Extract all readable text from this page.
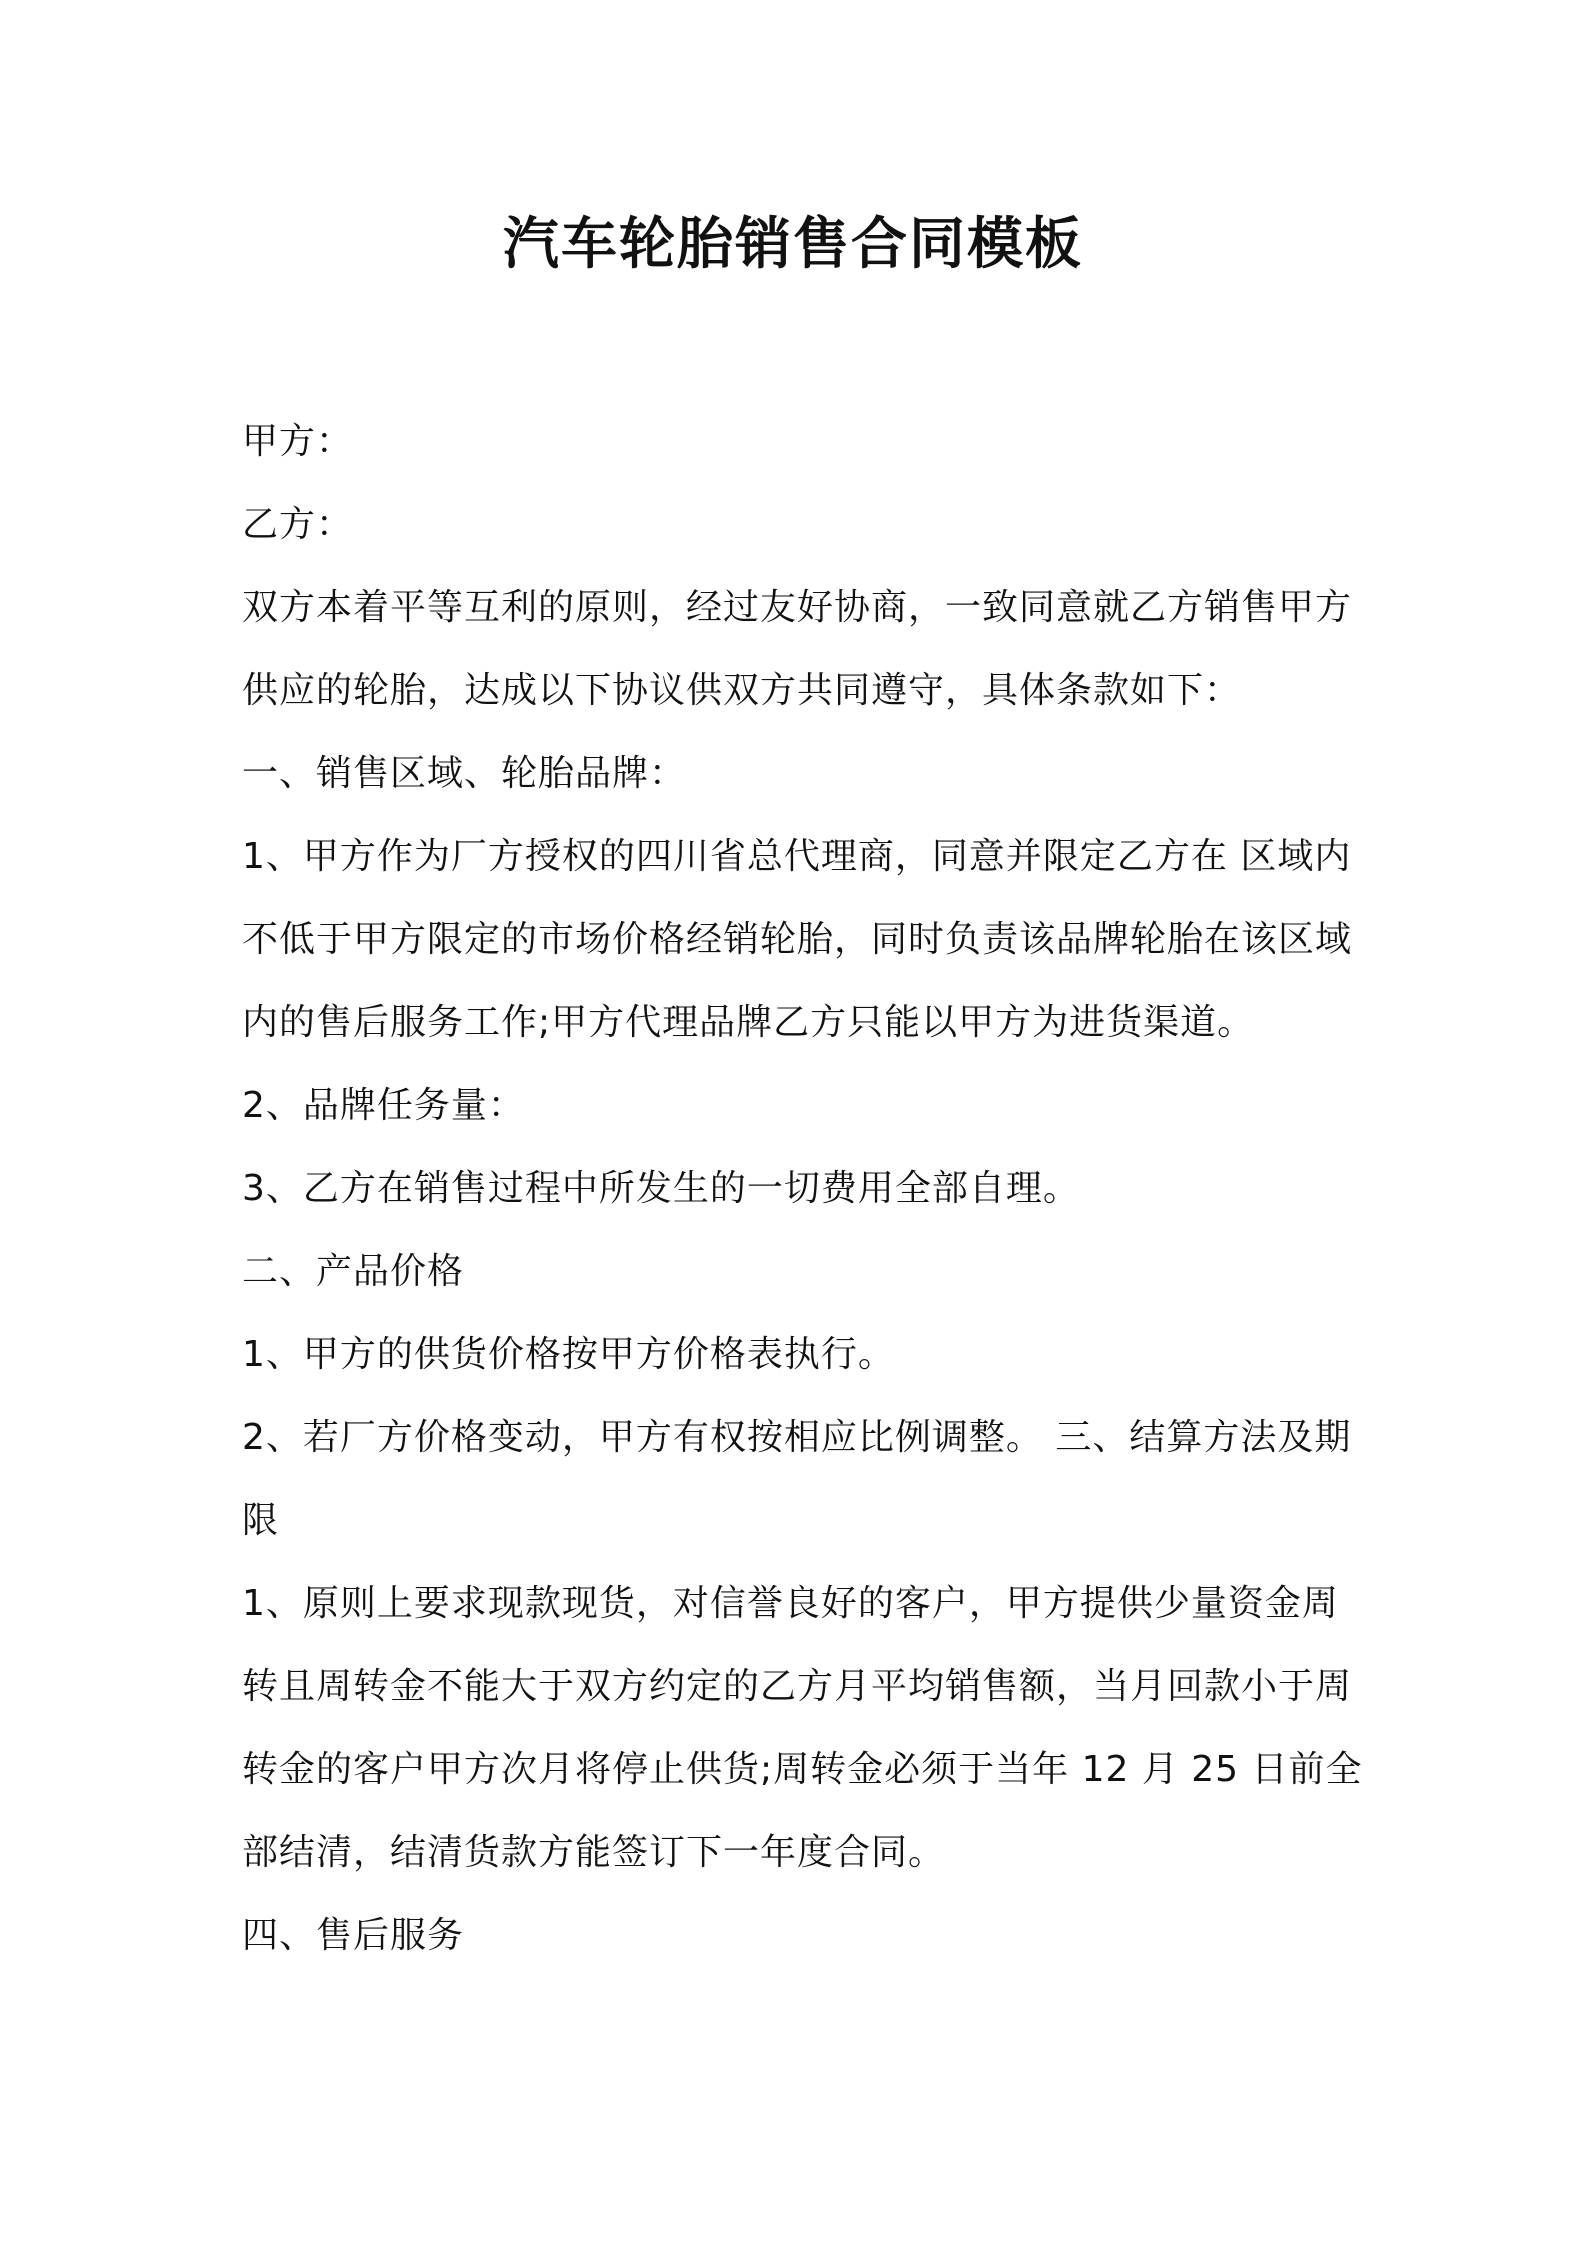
汽车轮胎销售合同模板
甲方：
乙方：
双方本着平等互利的原则，经过友好协商，一致同意就乙方销售甲方
供应的轮胎，达成以下协议供双方共同遵守，具体条款如下：
一、销售区域、轮胎品牌：
1、甲方作为厂方授权的四川省总代理商，同意并限定乙方在 区域内
不低于甲方限定的市场价格经销轮胎，同时负责该品牌轮胎在该区域
内的售后服务工作;甲方代理品牌乙方只能以甲方为进货渠道。
2、品牌任务量：
3、乙方在销售过程中所发生的一切费用全部自理。
二、产品价格
1、甲方的供货价格按甲方价格表执行。
2、若厂方价格变动，甲方有权按相应比例调整。 三、结算方法及期
限
1、原则上要求现款现货，对信誉良好的客户，甲方提供少量资金周
转且周转金不能大于双方约定的乙方月平均销售额，当月回款小于周
转金的客户甲方次月将停止供货;周转金必须于当年 12 月 25 日前全
部结清，结清货款方能签订下一年度合同。
四、售后服务
